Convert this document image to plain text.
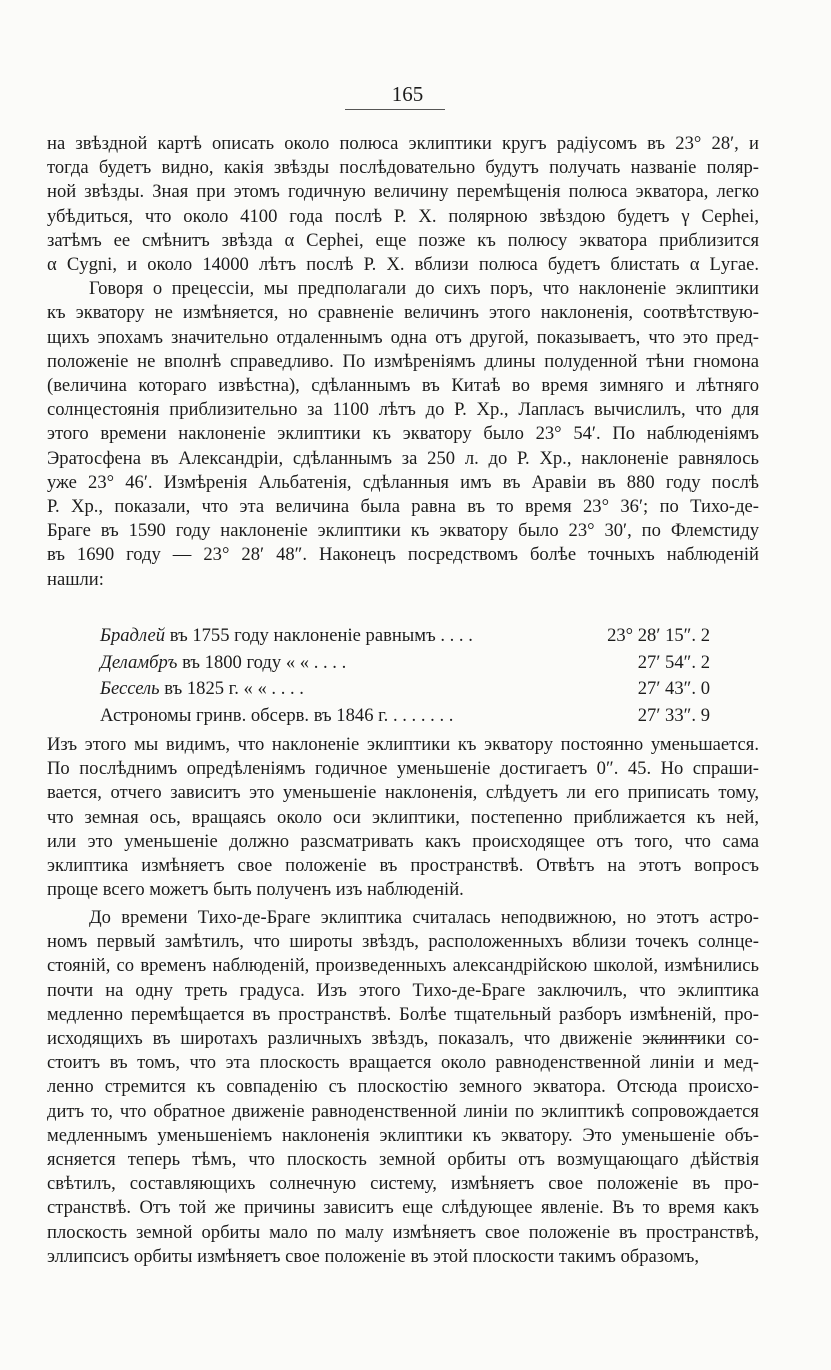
165
на звѣздной картѣ описать около полюса эклиптики кругъ радіусомъ въ 23° 28′, и
тогда будетъ видно, какія звѣзды послѣдовательно будутъ получать названіе поляр-
ной звѣзды. Зная при этомъ годичную величину перемѣщенія полюса экватора, легко
убѣдиться, что около 4100 года послѣ Р. Х. полярною звѣздою будетъ γ Серһеі,
затѣмъ ее смѣнитъ звѣзда α Серһеі, еще позже къ полюсу экватора приблизится
α Cygni, и около 14000 лѣтъ послѣ Р. Х. вблизи полюса будетъ блистать α Lугае.
Говоря о прецессіи, мы предполагали до сихъ поръ, что наклоненіе эклиптики
къ экватору не измѣняется, но сравненіе величинъ этого наклоненія, соотвѣтствую-
щихъ эпохамъ значительно отдаленнымъ одна отъ другой, показываетъ, что это пред-
положеніе не вполнѣ справедливо. По измѣреніямъ длины полуденной тѣни гномона
(величина котораго извѣстна), сдѣланнымъ въ Китаѣ во время зимняго и лѣтняго
солнцестоянія приблизительно за 1100 лѣтъ до Р. Хр., Лапласъ вычислилъ, что для
этого времени наклоненіе эклиптики къ экватору было 23° 54′. По наблюденіямъ
Эратосфена въ Александріи, сдѣланнымъ за 250 л. до Р. Хр., наклоненіе равнялось
уже 23° 46′. Измѣренія Альбатенія, сдѣланныя имъ въ Аравіи въ 880 году послѣ
Р. Хр., показали, что эта величина была равна въ то время 23° 36′; по Тихо-де-
Браге въ 1590 году наклоненіе эклиптики къ экватору было 23° 30′, по Флемстиду
въ 1690 году — 23° 28′ 48″. Наконецъ посредствомъ болѣе точныхъ наблюденій
нашли:
Брадлей въ 1755 году наклоненіе равнымъ . . . .	23° 28′ 15″. 2
Деламбръ въ 1800 году « « . . . .	27′ 54″. 2
Бессель въ 1825 г. « « . . . .	27′ 43″. 0
Астрономы гринв. обсерв. въ 1846 г. . . . . . . .	27′ 33″. 9
Изъ этого мы видимъ, что наклоненіе эклиптики къ экватору постоянно уменьшается.
По послѣднимъ опредѣленіямъ годичное уменьшеніе достигаетъ 0″. 45. Но спраши-
вается, отчего зависитъ это уменьшеніе наклоненія, слѣдуетъ ли его приписать тому,
что земная ось, вращаясь около оси эклиптики, постепенно приближается къ ней,
или это уменьшеніе должно разсматривать какъ происходящее отъ того, что сама
эклиптика измѣняетъ свое положеніе въ пространствѣ. Отвѣтъ на этотъ вопросъ
проще всего можетъ быть полученъ изъ наблюденій.
До времени Тихо-де-Браге эклиптика считалась неподвижною, но этотъ астро-
номъ первый замѣтилъ, что широты звѣздъ, расположенныхъ вблизи точекъ солнце-
стояній, со временъ наблюденій, произведенныхъ александрійскою школой, измѣнились
почти на одну треть градуса. Изъ этого Тихо-де-Браге заключилъ, что эклиптика
медленно перемѣщается въ пространствѣ. Болѣе тщательный разборъ измѣненій, про-
исходящихъ въ широтахъ различныхъ звѣздъ, показалъ, что движеніе эклиптики со-
стоитъ въ томъ, что эта плоскость вращается около равноденственной линіи и мед-
ленно стремится къ совпаденію съ плоскостію земного экватора. Отсюда происхо-
дитъ то, что обратное движеніе равноденственной линіи по эклиптикѣ сопровождается
медленнымъ уменьшеніемъ наклоненія эклиптики къ экватору. Это уменьшеніе объ-
ясняется теперь тѣмъ, что плоскость земной орбиты отъ возмущающаго дѣйствія
свѣтилъ, составляющихъ солнечную систему, измѣняетъ свое положеніе въ про-
странствѣ. Отъ той же причины зависитъ еще слѣдующее явленіе. Въ то время какъ
плоскость земной орбиты мало по малу измѣняетъ свое положеніе въ пространствѣ,
эллипсисъ орбиты измѣняетъ свое положеніе въ этой плоскости такимъ образомъ,
